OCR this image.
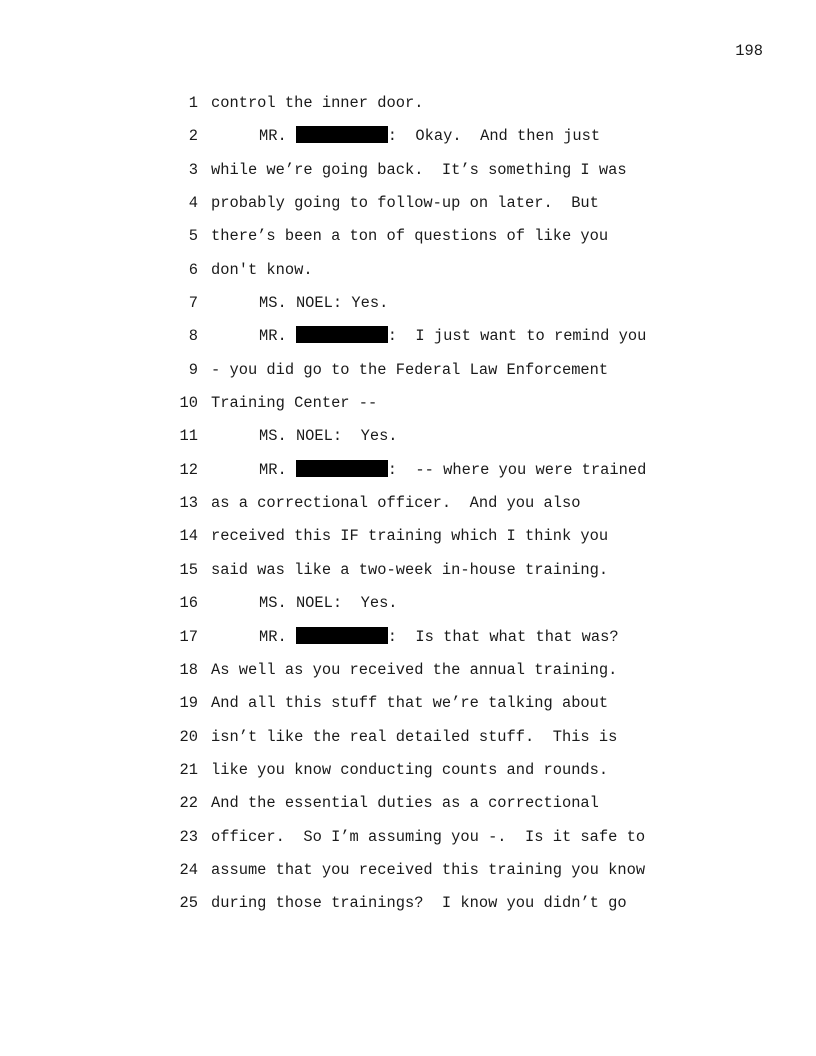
198
1 control the inner door.
2	MR.	:  Okay.  And then just
3 while we’re going back.  It’s something I was
4 probably going to follow-up on later.  But
5 there’s been a ton of questions of like you
6 don't know.
7	MS. NOEL: Yes.
8	MR.	:  I just want to remind you
9 - you did go to the Federal Law Enforcement
10 Training Center --
11	MS. NOEL:  Yes.
12	MR.	:  -- where you were trained
13 as a correctional officer.  And you also
14 received this IF training which I think you
15 said was like a two-week in-house training.
16	MS. NOEL:  Yes.
17	MR.	:  Is that what that was?
18 As well as you received the annual training.
19 And all this stuff that we’re talking about
20 isn’t like the real detailed stuff.  This is
21 like you know conducting counts and rounds.
22 And the essential duties as a correctional
23 officer.  So I’m assuming you -.  Is it safe to
24 assume that you received this training you know
25 during those trainings?  I know you didn’t go
